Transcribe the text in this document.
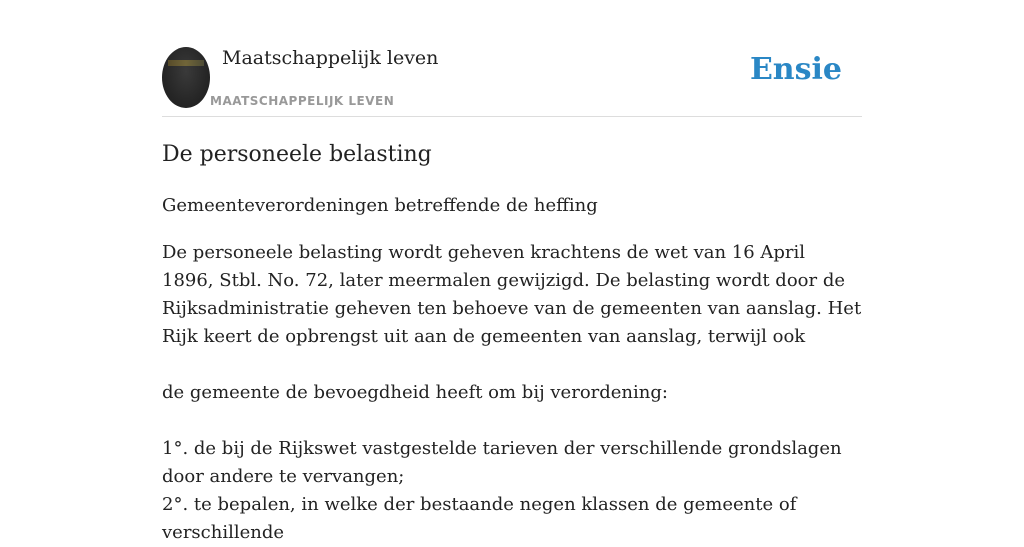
Maatschappelijk leven
MAATSCHAPPELIJK LEVEN
Ensie
De personeele belasting
Gemeenteverordeningen betreffende de heffing

De personeele belasting wordt geheven krachtens de wet van 16 April 1896, Stbl. No. 72, later meermalen gewijzigd. De belasting wordt door de Rijksadministratie geheven ten behoeve van de gemeenten van aanslag. Het Rijk keert de opbrengst uit aan de gemeenten van aanslag, terwijl ook

de gemeente de bevoegdheid heeft om bij verordening:

1°. de bij de Rijkswet vastgestelde tarieven der verschillende grondslagen door andere te vervangen;

2°. te bepalen, in welke der bestaande negen klassen de gemeente of verschillende
